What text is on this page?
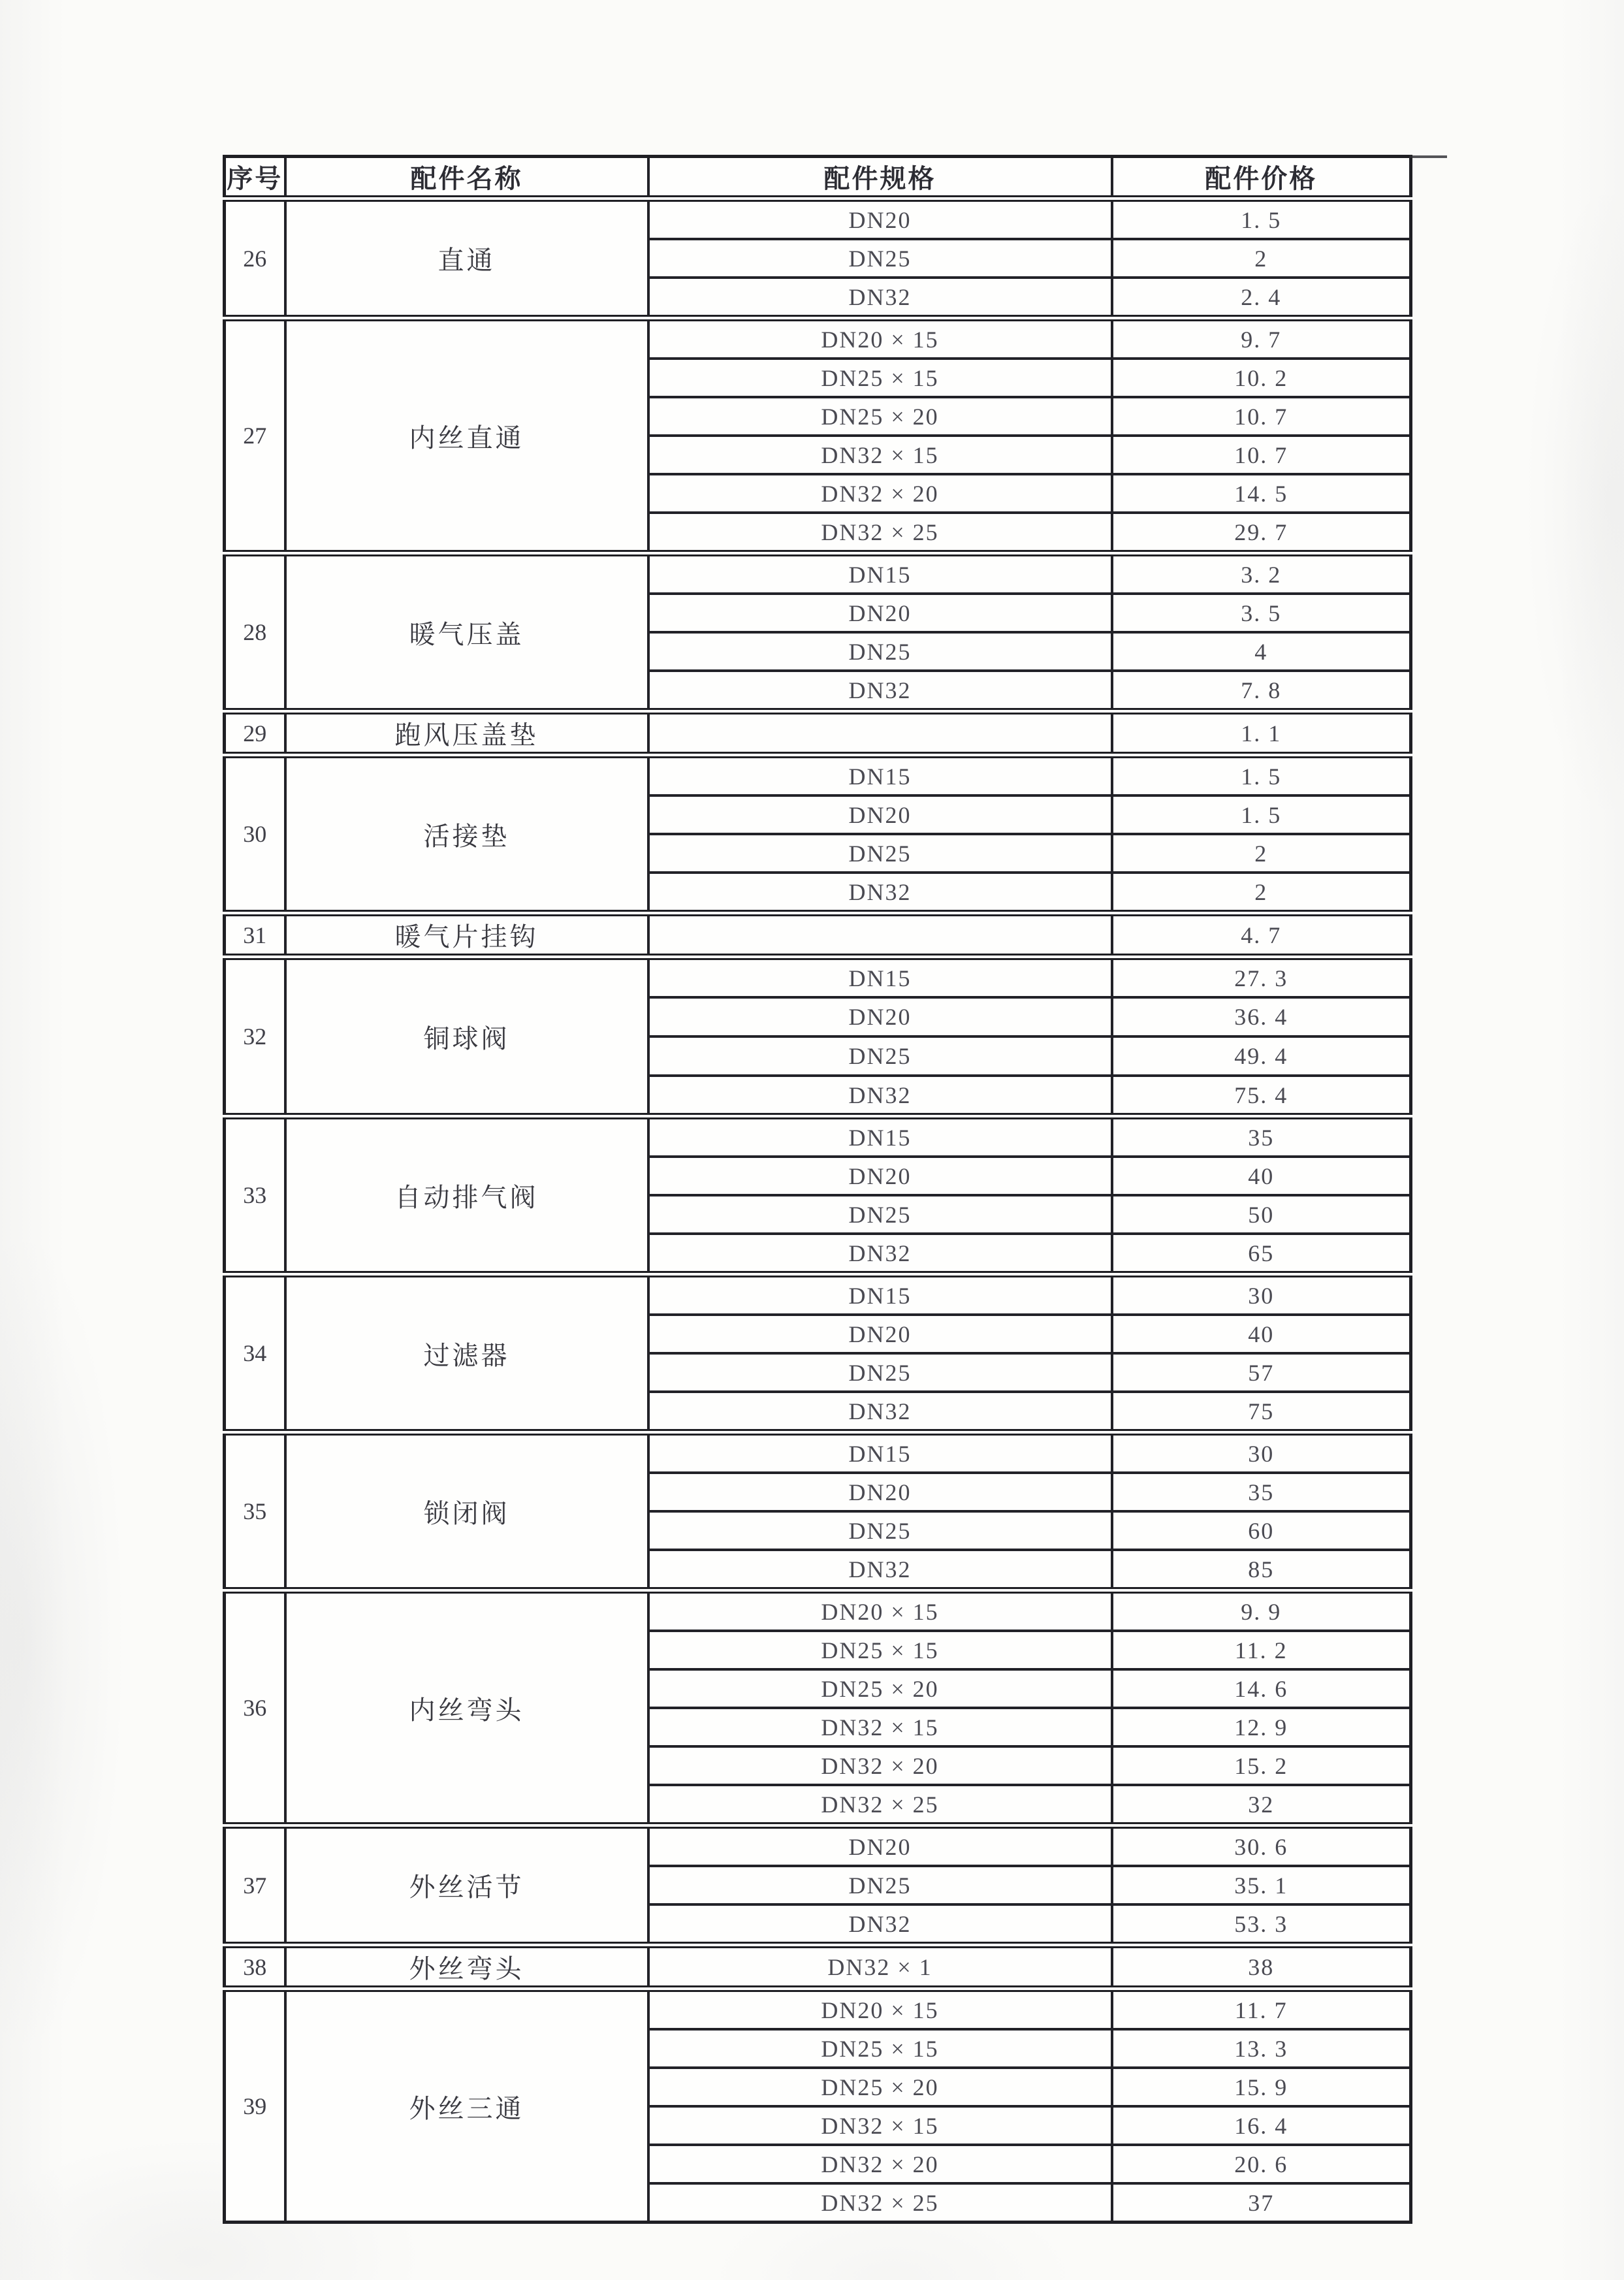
序号	配件名称	配件规格	配件价格
26	直通	DN20	1. 5
		DN25	2
		DN32	2. 4
27	内丝直通	DN20 × 15	9. 7
		DN25 × 15	10. 2
		DN25 × 20	10. 7
		DN32 × 15	10. 7
		DN32 × 20	14. 5
		DN32 × 25	29. 7
28	暖气压盖	DN15	3. 2
		DN20	3. 5
		DN25	4
		DN32	7. 8
29	跑风压盖垫		1. 1
30	活接垫	DN15	1. 5
		DN20	1. 5
		DN25	2
		DN32	2
31	暖气片挂钩		4. 7
32	铜球阀	DN15	27. 3
		DN20	36. 4
		DN25	49. 4
		DN32	75. 4
33	自动排气阀	DN15	35
		DN20	40
		DN25	50
		DN32	65
34	过滤器	DN15	30
		DN20	40
		DN25	57
		DN32	75
35	锁闭阀	DN15	30
		DN20	35
		DN25	60
		DN32	85
36	内丝弯头	DN20 × 15	9. 9
		DN25 × 15	11. 2
		DN25 × 20	14. 6
		DN32 × 15	12. 9
		DN32 × 20	15. 2
		DN32 × 25	32
37	外丝活节	DN20	30. 6
		DN25	35. 1
		DN32	53. 3
38	外丝弯头	DN32 × 1	38
39	外丝三通	DN20 × 15	11. 7
		DN25 × 15	13. 3
		DN25 × 20	15. 9
		DN32 × 15	16. 4
		DN32 × 20	20. 6
		DN32 × 25	37
